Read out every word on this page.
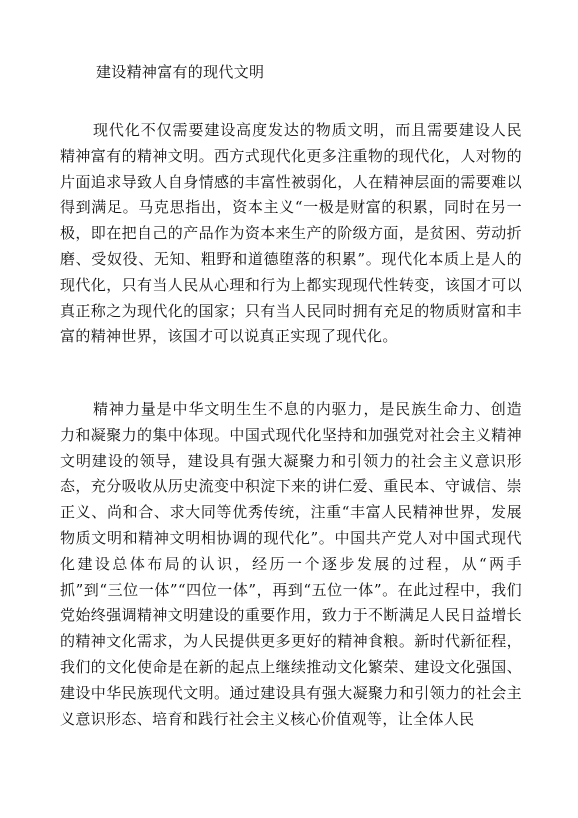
建设精神富有的现代文明

现代化不仅需要建设高度发达的物质文明，而且需要建设人民精神富有的精神文明。西方式现代化更多注重物的现代化，人对物的片面追求导致人自身情感的丰富性被弱化，人在精神层面的需要难以得到满足。马克思指出，资本主义“一极是财富的积累，同时在另一极，即在把自己的产品作为资本来生产的阶级方面，是贫困、劳动折磨、受奴役、无知、粗野和道德堕落的积累”。现代化本质上是人的现代化，只有当人民从心理和行为上都实现现代性转变，该国才可以真正称之为现代化的国家；只有当人民同时拥有充足的物质财富和丰富的精神世界，该国才可以说真正实现了现代化。

精神力量是中华文明生生不息的内驱力，是民族生命力、创造力和凝聚力的集中体现。中国式现代化坚持和加强党对社会主义精神文明建设的领导，建设具有强大凝聚力和引领力的社会主义意识形态，充分吸收从历史流变中积淀下来的讲仁爱、重民本、守诚信、崇正义、尚和合、求大同等优秀传统，注重“丰富人民精神世界，发展物质文明和精神文明相协调的现代化”。中国共产党人对中国式现代化建设总体布局的认识，经历一个逐步发展的过程，从“两手抓”到“三位一体”“四位一体”，再到“五位一体”。在此过程中，我们党始终强调精神文明建设的重要作用，致力于不断满足人民日益增长的精神文化需求，为人民提供更多更好的精神食粮。新时代新征程，我们的文化使命是在新的起点上继续推动文化繁荣、建设文化强国、建设中华民族现代文明。通过建设具有强大凝聚力和引领力的社会主义意识形态、培育和践行社会主义核心价值观等，让全体人民
